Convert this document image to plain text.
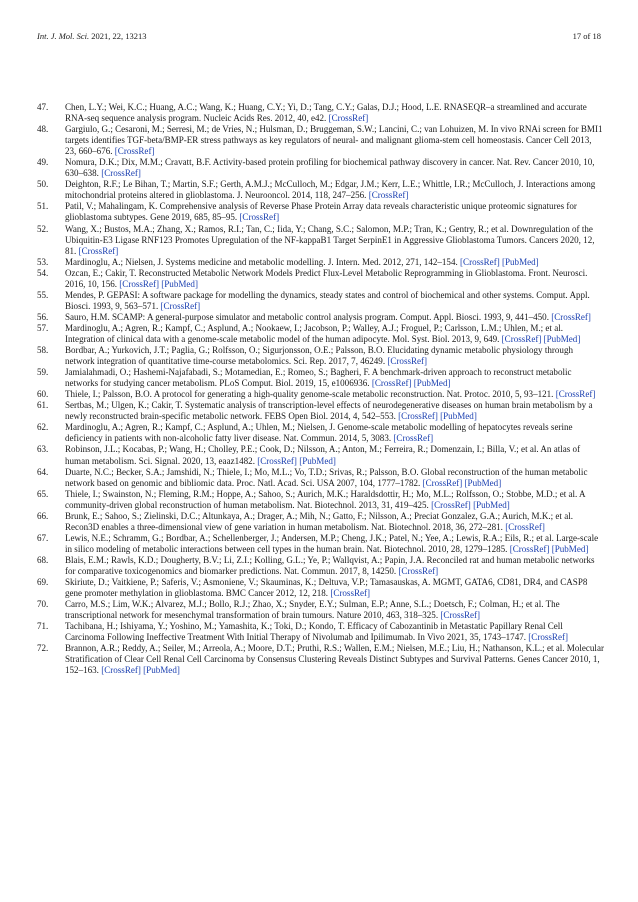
Int. J. Mol. Sci. 2021, 22, 13213	17 of 18
47.	Chen, L.Y.; Wei, K.C.; Huang, A.C.; Wang, K.; Huang, C.Y.; Yi, D.; Tang, C.Y.; Galas, D.J.; Hood, L.E. RNASEQR–a streamlined and accurate RNA-seq sequence analysis program. Nucleic Acids Res. 2012, 40, e42. [CrossRef]
48.	Gargiulo, G.; Cesaroni, M.; Serresi, M.; de Vries, N.; Hulsman, D.; Bruggeman, S.W.; Lancini, C.; van Lohuizen, M. In vivo RNAi screen for BMI1 targets identifies TGF-beta/BMP-ER stress pathways as key regulators of neural- and malignant glioma-stem cell homeostasis. Cancer Cell 2013, 23, 660–676. [CrossRef]
49.	Nomura, D.K.; Dix, M.M.; Cravatt, B.F. Activity-based protein profiling for biochemical pathway discovery in cancer. Nat. Rev. Cancer 2010, 10, 630–638. [CrossRef]
50.	Deighton, R.F.; Le Bihan, T.; Martin, S.F.; Gerth, A.M.J.; McCulloch, M.; Edgar, J.M.; Kerr, L.E.; Whittle, I.R.; McCulloch, J. Interactions among mitochondrial proteins altered in glioblastoma. J. Neurooncol. 2014, 118, 247–256. [CrossRef]
51.	Patil, V.; Mahalingam, K. Comprehensive analysis of Reverse Phase Protein Array data reveals characteristic unique proteomic signatures for glioblastoma subtypes. Gene 2019, 685, 85–95. [CrossRef]
52.	Wang, X.; Bustos, M.A.; Zhang, X.; Ramos, R.I.; Tan, C.; Iida, Y.; Chang, S.C.; Salomon, M.P.; Tran, K.; Gentry, R.; et al. Downregulation of the Ubiquitin-E3 Ligase RNF123 Promotes Upregulation of the NF-kappaB1 Target SerpinE1 in Aggressive Glioblastoma Tumors. Cancers 2020, 12, 81. [CrossRef]
53.	Mardinoglu, A.; Nielsen, J. Systems medicine and metabolic modelling. J. Intern. Med. 2012, 271, 142–154. [CrossRef] [PubMed]
54.	Ozcan, E.; Cakir, T. Reconstructed Metabolic Network Models Predict Flux-Level Metabolic Reprogramming in Glioblastoma. Front. Neurosci. 2016, 10, 156. [CrossRef] [PubMed]
55.	Mendes, P. GEPASI: A software package for modelling the dynamics, steady states and control of biochemical and other systems. Comput. Appl. Biosci. 1993, 9, 563–571. [CrossRef]
56.	Sauro, H.M. SCAMP: A general-purpose simulator and metabolic control analysis program. Comput. Appl. Biosci. 1993, 9, 441–450. [CrossRef]
57.	Mardinoglu, A.; Agren, R.; Kampf, C.; Asplund, A.; Nookaew, I.; Jacobson, P.; Walley, A.J.; Froguel, P.; Carlsson, L.M.; Uhlen, M.; et al. Integration of clinical data with a genome-scale metabolic model of the human adipocyte. Mol. Syst. Biol. 2013, 9, 649. [CrossRef] [PubMed]
58.	Bordbar, A.; Yurkovich, J.T.; Paglia, G.; Rolfsson, O.; Sigurjonsson, O.E.; Palsson, B.O. Elucidating dynamic metabolic physiology through network integration of quantitative time-course metabolomics. Sci. Rep. 2017, 7, 46249. [CrossRef]
59.	Jamialahmadi, O.; Hashemi-Najafabadi, S.; Motamedian, E.; Romeo, S.; Bagheri, F. A benchmark-driven approach to reconstruct metabolic networks for studying cancer metabolism. PLoS Comput. Biol. 2019, 15, e1006936. [CrossRef] [PubMed]
60.	Thiele, I.; Palsson, B.O. A protocol for generating a high-quality genome-scale metabolic reconstruction. Nat. Protoc. 2010, 5, 93–121. [CrossRef]
61.	Sertbas, M.; Ulgen, K.; Cakir, T. Systematic analysis of transcription-level effects of neurodegenerative diseases on human brain metabolism by a newly reconstructed brain-specific metabolic network. FEBS Open Biol. 2014, 4, 542–553. [CrossRef] [PubMed]
62.	Mardinoglu, A.; Agren, R.; Kampf, C.; Asplund, A.; Uhlen, M.; Nielsen, J. Genome-scale metabolic modelling of hepatocytes reveals serine deficiency in patients with non-alcoholic fatty liver disease. Nat. Commun. 2014, 5, 3083. [CrossRef]
63.	Robinson, J.L.; Kocabas, P.; Wang, H.; Cholley, P.E.; Cook, D.; Nilsson, A.; Anton, M.; Ferreira, R.; Domenzain, I.; Billa, V.; et al. An atlas of human metabolism. Sci. Signal. 2020, 13, eaaz1482. [CrossRef] [PubMed]
64.	Duarte, N.C.; Becker, S.A.; Jamshidi, N.; Thiele, I.; Mo, M.L.; Vo, T.D.; Srivas, R.; Palsson, B.O. Global reconstruction of the human metabolic network based on genomic and bibliomic data. Proc. Natl. Acad. Sci. USA 2007, 104, 1777–1782. [CrossRef] [PubMed]
65.	Thiele, I.; Swainston, N.; Fleming, R.M.; Hoppe, A.; Sahoo, S.; Aurich, M.K.; Haraldsdottir, H.; Mo, M.L.; Rolfsson, O.; Stobbe, M.D.; et al. A community-driven global reconstruction of human metabolism. Nat. Biotechnol. 2013, 31, 419–425. [CrossRef] [PubMed]
66.	Brunk, E.; Sahoo, S.; Zielinski, D.C.; Altunkaya, A.; Drager, A.; Mih, N.; Gatto, F.; Nilsson, A.; Preciat Gonzalez, G.A.; Aurich, M.K.; et al. Recon3D enables a three-dimensional view of gene variation in human metabolism. Nat. Biotechnol. 2018, 36, 272–281. [CrossRef]
67.	Lewis, N.E.; Schramm, G.; Bordbar, A.; Schellenberger, J.; Andersen, M.P.; Cheng, J.K.; Patel, N.; Yee, A.; Lewis, R.A.; Eils, R.; et al. Large-scale in silico modeling of metabolic interactions between cell types in the human brain. Nat. Biotechnol. 2010, 28, 1279–1285. [CrossRef] [PubMed]
68.	Blais, E.M.; Rawls, K.D.; Dougherty, B.V.; Li, Z.I.; Kolling, G.L.; Ye, P.; Wallqvist, A.; Papin, J.A. Reconciled rat and human metabolic networks for comparative toxicogenomics and biomarker predictions. Nat. Commun. 2017, 8, 14250. [CrossRef]
69.	Skiriute, D.; Vaitkiene, P.; Saferis, V.; Asmoniene, V.; Skauminas, K.; Deltuva, V.P.; Tamasauskas, A. MGMT, GATA6, CD81, DR4, and CASP8 gene promoter methylation in glioblastoma. BMC Cancer 2012, 12, 218. [CrossRef]
70.	Carro, M.S.; Lim, W.K.; Alvarez, M.J.; Bollo, R.J.; Zhao, X.; Snyder, E.Y.; Sulman, E.P.; Anne, S.L.; Doetsch, F.; Colman, H.; et al. The transcriptional network for mesenchymal transformation of brain tumours. Nature 2010, 463, 318–325. [CrossRef]
71.	Tachibana, H.; Ishiyama, Y.; Yoshino, M.; Yamashita, K.; Toki, D.; Kondo, T. Efficacy of Cabozantinib in Metastatic Papillary Renal Cell Carcinoma Following Ineffective Treatment With Initial Therapy of Nivolumab and Ipilimumab. In Vivo 2021, 35, 1743–1747. [CrossRef]
72.	Brannon, A.R.; Reddy, A.; Seiler, M.; Arreola, A.; Moore, D.T.; Pruthi, R.S.; Wallen, E.M.; Nielsen, M.E.; Liu, H.; Nathanson, K.L.; et al. Molecular Stratification of Clear Cell Renal Cell Carcinoma by Consensus Clustering Reveals Distinct Subtypes and Survival Patterns. Genes Cancer 2010, 1, 152–163. [CrossRef] [PubMed]
